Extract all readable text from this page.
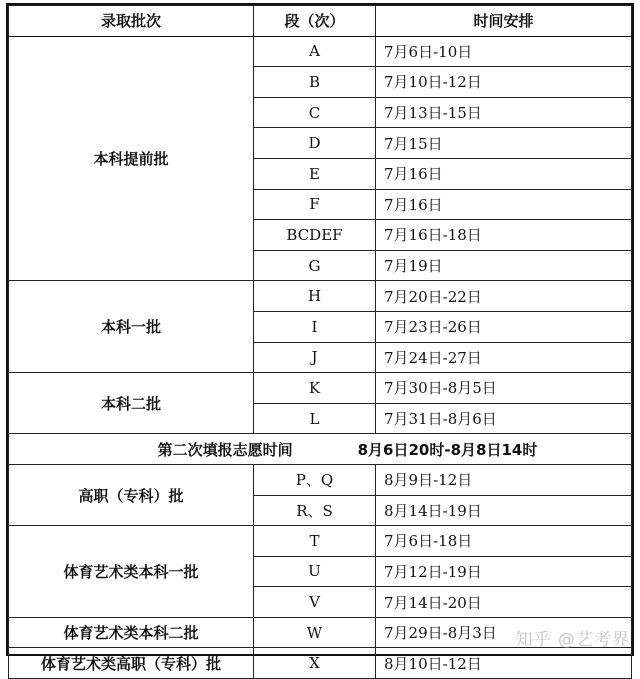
录取批次	段（次）	时间安排
本科提前批	A	7月6日-10日
	B	7月10日-12日
	C	7月13日-15日
	D	7月15日
	E	7月16日
	F	7月16日
	BCDEF	7月16日-18日
	G	7月19日
本科一批	H	7月20日-22日
	I	7月23日-26日
	J	7月24日-27日
本科二批	K	7月30日-8月5日
	L	7月31日-8月6日
第二次填报志愿时间 8月6日20时-8月8日14时		
高职（专科）批	P、Q	8月9日-12日
	R、S	8月14日-19日
体育艺术类本科一批	T	7月6日-18日
	U	7月12日-19日
	V	7月14日-20日
体育艺术类本科二批	W	7月29日-8月3日
体育艺术类高职（专科）批	X	8月10日-12日
知乎 @艺考界
